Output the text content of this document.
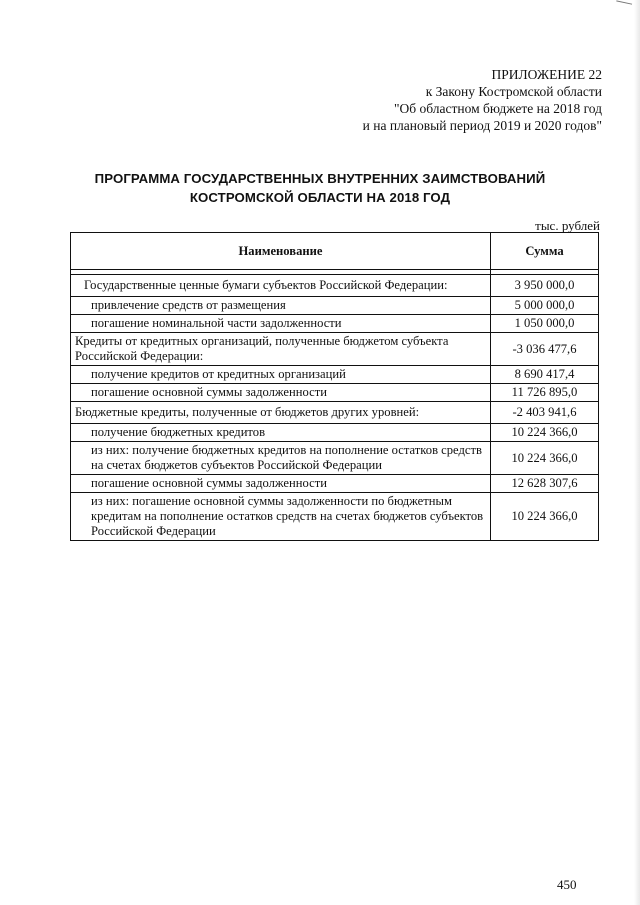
ПРИЛОЖЕНИЕ 22
к Закону Костромской области
"Об областном бюджете на 2018 год
и на плановый период 2019 и 2020 годов"
ПРОГРАММА ГОСУДАРСТВЕННЫХ ВНУТРЕННИХ ЗАИМСТВОВАНИЙ
КОСТРОМСКОЙ ОБЛАСТИ НА 2018 ГОД
тыс. рублей
Наименование	Сумма

Государственные ценные бумаги субъектов Российской Федерации:	3 950 000,0
привлечение средств от размещения	5 000 000,0
погашение номинальной части задолженности	1 050 000,0
Кредиты от кредитных организаций, полученные бюджетом субъекта Российской Федерации:	-3 036 477,6
получение кредитов от кредитных организаций	8 690 417,4
погашение основной суммы задолженности	11 726 895,0
Бюджетные кредиты, полученные от бюджетов других уровней:	-2 403 941,6
получение бюджетных кредитов	10 224 366,0
из них: получение бюджетных кредитов на пополнение остатков средств на счетах бюджетов субъектов Российской Федерации	10 224 366,0
погашение основной суммы задолженности	12 628 307,6
из них: погашение основной суммы задолженности по бюджетным кредитам на пополнение остатков средств на счетах бюджетов субъектов Российской Федерации	10 224 366,0
450
